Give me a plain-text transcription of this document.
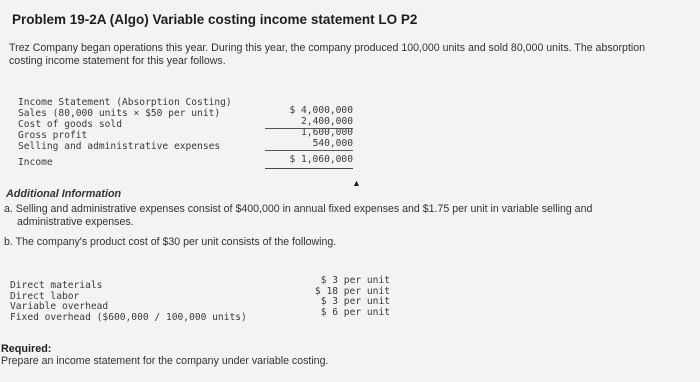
Problem 19-2A (Algo) Variable costing income statement LO P2
Trez Company began operations this year. During this year, the company produced 100,000 units and sold 80,000 units. The absorption costing income statement for this year follows.
Income Statement (Absorption Costing)
Sales (80,000 units × $50 per unit)
Cost of goods sold
Gross profit
Selling and administrative expenses
Income
$ 4,000,000
2,400,000
1,600,000
540,000
$ 1,060,000
▲
Additional Information
a. Selling and administrative expenses consist of $400,000 in annual fixed expenses and $1.75 per unit in variable selling and
administrative expenses.
b. The company's product cost of $30 per unit consists of the following.
Direct materials
Direct labor
Variable overhead
Fixed overhead ($600,000 / 100,000 units)
$ 3 per unit
$ 18 per unit
$ 3 per unit
$ 6 per unit
Required:
Prepare an income statement for the company under variable costing.
